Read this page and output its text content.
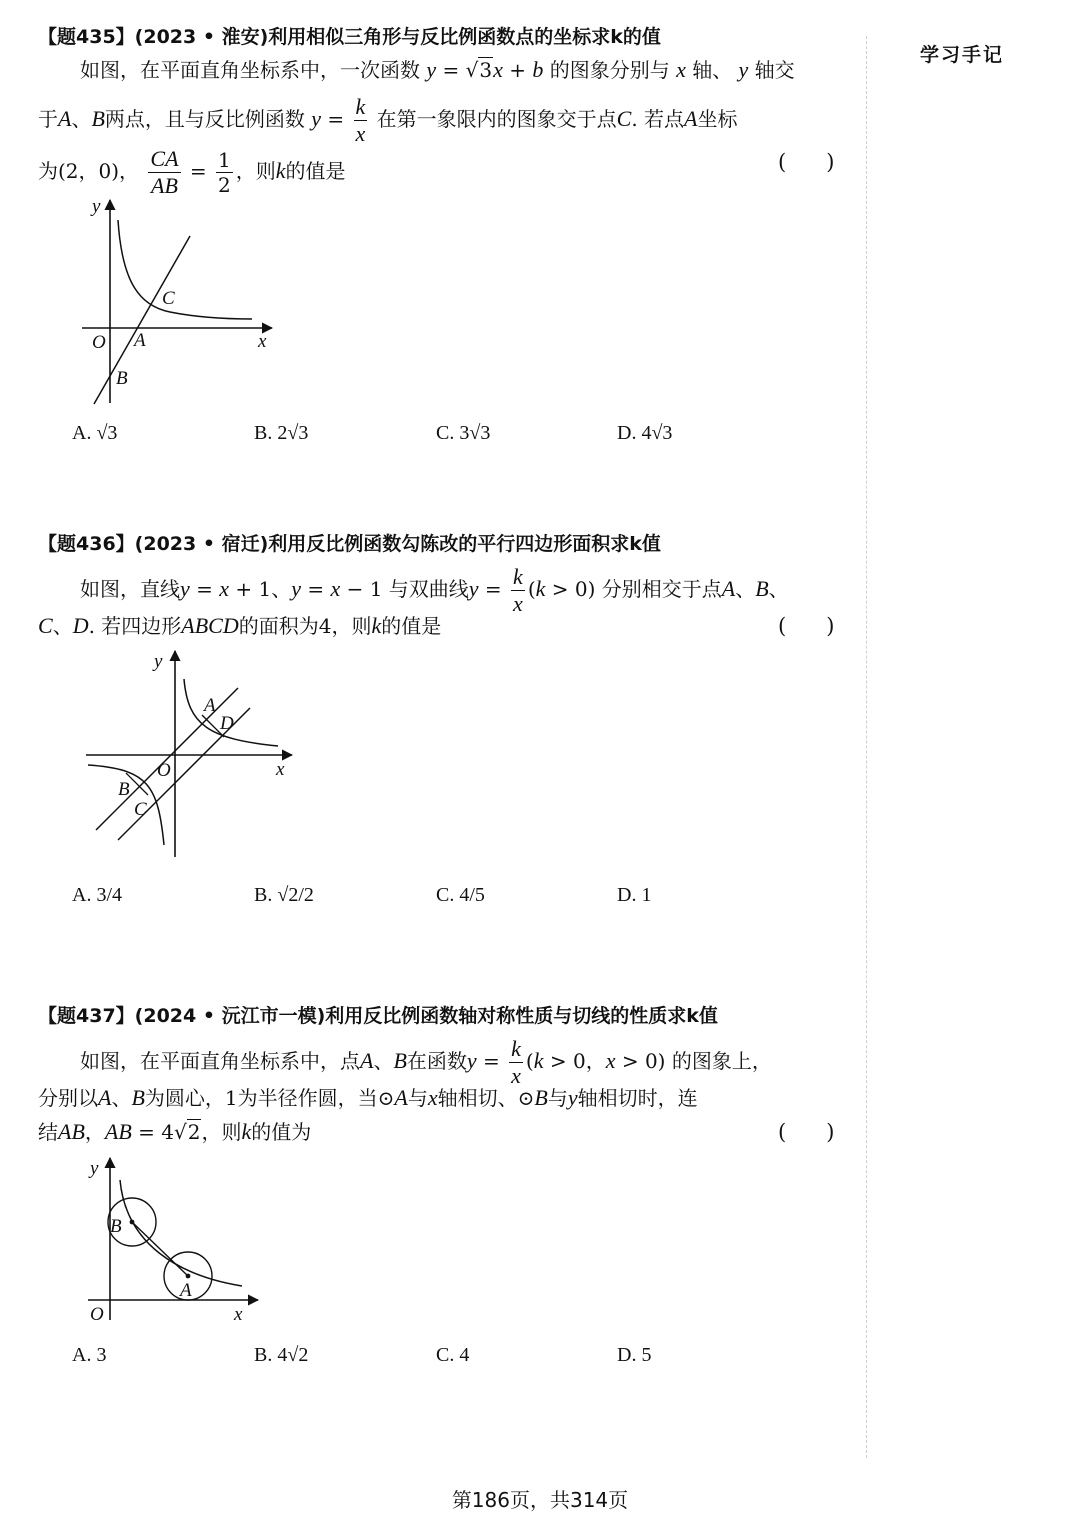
学习手记
【题435】(2023 • 淮安)利用相似三角形与反比例函数点的坐标求k的值
如图，在平面直角坐标系中，一次函数 y = √3x + b 的图象分别与 x 轴、 y 轴交
于A、B两点，且与反比例函数 $y = \frac{k}{x}$ 在第一象限内的图象交于点C. 若点A坐标
为(2，0)， $\frac{CA}{AB} = \frac{1}{2}$ ，则k的值是	(      )
y
x
O A
B
C
A. √3	B. 2√3	C. 3√3	D. 4√3
【题436】(2023 • 宿迁)利用反比例函数勾陈改的平行四边形面积求k值
如图，直线y = x + 1、y = x − 1 与双曲线$y = \frac{k}{x} (k > 0)$ 分别相交于点A、B、
C、D. 若四边形ABCD的面积为4，则k的值是	(      )
y
x
O
A
D
B
C
A. 3/4	B. √2/2	C. 4/5	D. 1
【题437】(2024 • 沅江市一模)利用反比例函数轴对称性质与切线的性质求k值
如图，在平面直角坐标系中，点A、B在函数$y = \frac{k}{x} (k > 0$，x > 0) 的图象上，
分别以A、B为圆心，1为半径作圆，当⊙A与x轴相切、⊙B与y轴相切时，连
结AB，AB = 4√2，则k的值为	(      )
y
x
O
A
B
A. 3	B. 4√2	C. 4	D. 5
第186页，共314页
